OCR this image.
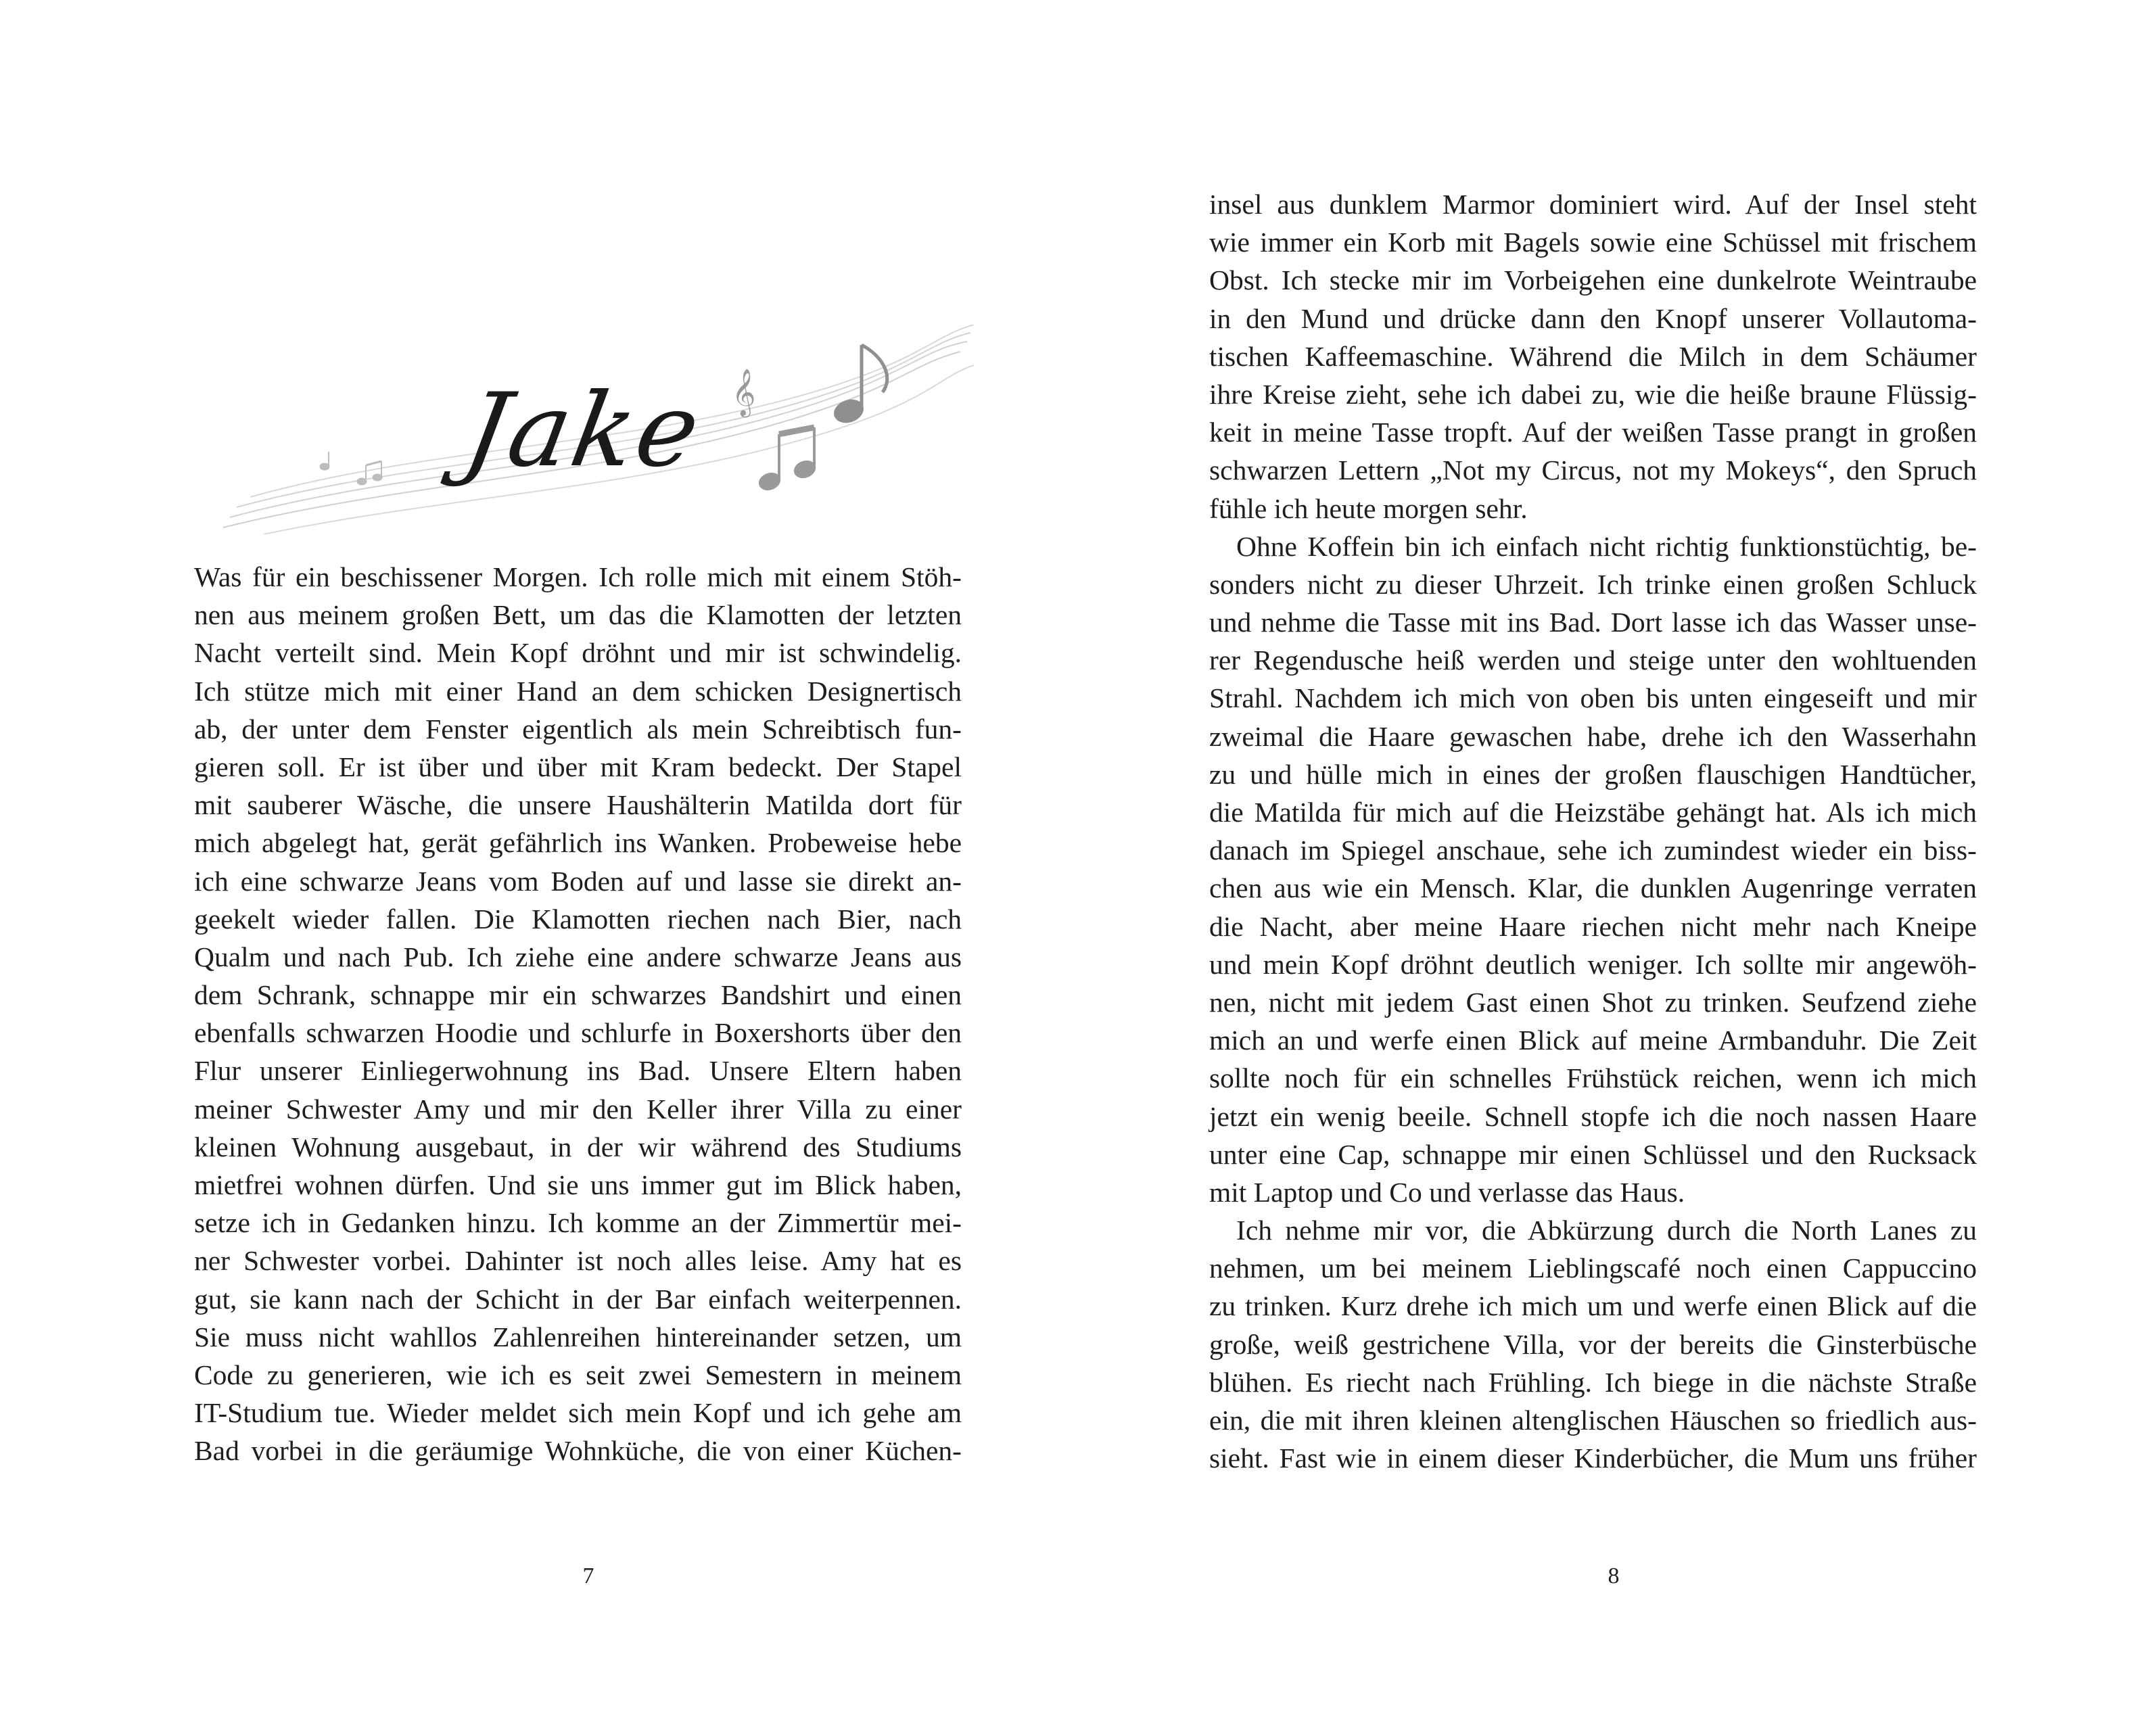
𝄞
Jake
Was für ein beschissener Morgen. Ich rolle mich mit einem Stöh-
nen aus meinem großen Bett, um das die Klamotten der letzten
Nacht verteilt sind. Mein Kopf dröhnt und mir ist schwindelig.
Ich stütze mich mit einer Hand an dem schicken Designertisch
ab, der unter dem Fenster eigentlich als mein Schreibtisch fun-
gieren soll. Er ist über und über mit Kram bedeckt. Der Stapel
mit sauberer Wäsche, die unsere Haushälterin Matilda dort für
mich abgelegt hat, gerät gefährlich ins Wanken. Probeweise hebe
ich eine schwarze Jeans vom Boden auf und lasse sie direkt an-
geekelt wieder fallen. Die Klamotten riechen nach Bier, nach
Qualm und nach Pub. Ich ziehe eine andere schwarze Jeans aus
dem Schrank, schnappe mir ein schwarzes Bandshirt und einen
ebenfalls schwarzen Hoodie und schlurfe in Boxershorts über den
Flur unserer Einliegerwohnung ins Bad. Unsere Eltern haben
meiner Schwester Amy und mir den Keller ihrer Villa zu einer
kleinen Wohnung ausgebaut, in der wir während des Studiums
mietfrei wohnen dürfen. Und sie uns immer gut im Blick haben,
setze ich in Gedanken hinzu. Ich komme an der Zimmertür mei-
ner Schwester vorbei. Dahinter ist noch alles leise. Amy hat es
gut, sie kann nach der Schicht in der Bar einfach weiterpennen.
Sie muss nicht wahllos Zahlenreihen hintereinander setzen, um
Code zu generieren, wie ich es seit zwei Semestern in meinem
IT-Studium tue. Wieder meldet sich mein Kopf und ich gehe am
Bad vorbei in die geräumige Wohnküche, die von einer Küchen-
7
insel aus dunklem Marmor dominiert wird. Auf der Insel steht
wie immer ein Korb mit Bagels sowie eine Schüssel mit frischem
Obst. Ich stecke mir im Vorbeigehen eine dunkelrote Weintraube
in den Mund und drücke dann den Knopf unserer Vollautoma-
tischen Kaffeemaschine. Während die Milch in dem Schäumer
ihre Kreise zieht, sehe ich dabei zu, wie die heiße braune Flüssig-
keit in meine Tasse tropft. Auf der weißen Tasse prangt in großen
schwarzen Lettern „Not my Circus, not my Mokeys“, den Spruch
fühle ich heute morgen sehr.
Ohne Koffein bin ich einfach nicht richtig funktionstüchtig, be-
sonders nicht zu dieser Uhrzeit. Ich trinke einen großen Schluck
und nehme die Tasse mit ins Bad. Dort lasse ich das Wasser unse-
rer Regendusche heiß werden und steige unter den wohltuenden
Strahl. Nachdem ich mich von oben bis unten eingeseift und mir
zweimal die Haare gewaschen habe, drehe ich den Wasserhahn
zu und hülle mich in eines der großen flauschigen Handtücher,
die Matilda für mich auf die Heizstäbe gehängt hat. Als ich mich
danach im Spiegel anschaue, sehe ich zumindest wieder ein biss-
chen aus wie ein Mensch. Klar, die dunklen Augenringe verraten
die Nacht, aber meine Haare riechen nicht mehr nach Kneipe
und mein Kopf dröhnt deutlich weniger. Ich sollte mir angewöh-
nen, nicht mit jedem Gast einen Shot zu trinken. Seufzend ziehe
mich an und werfe einen Blick auf meine Armbanduhr. Die Zeit
sollte noch für ein schnelles Frühstück reichen, wenn ich mich
jetzt ein wenig beeile. Schnell stopfe ich die noch nassen Haare
unter eine Cap, schnappe mir einen Schlüssel und den Rucksack
mit Laptop und Co und verlasse das Haus.
Ich nehme mir vor, die Abkürzung durch die North Lanes zu
nehmen, um bei meinem Lieblingscafé noch einen Cappuccino
zu trinken. Kurz drehe ich mich um und werfe einen Blick auf die
große, weiß gestrichene Villa, vor der bereits die Ginsterbüsche
blühen. Es riecht nach Frühling. Ich biege in die nächste Straße
ein, die mit ihren kleinen altenglischen Häuschen so friedlich aus-
sieht. Fast wie in einem dieser Kinderbücher, die Mum uns früher
8
